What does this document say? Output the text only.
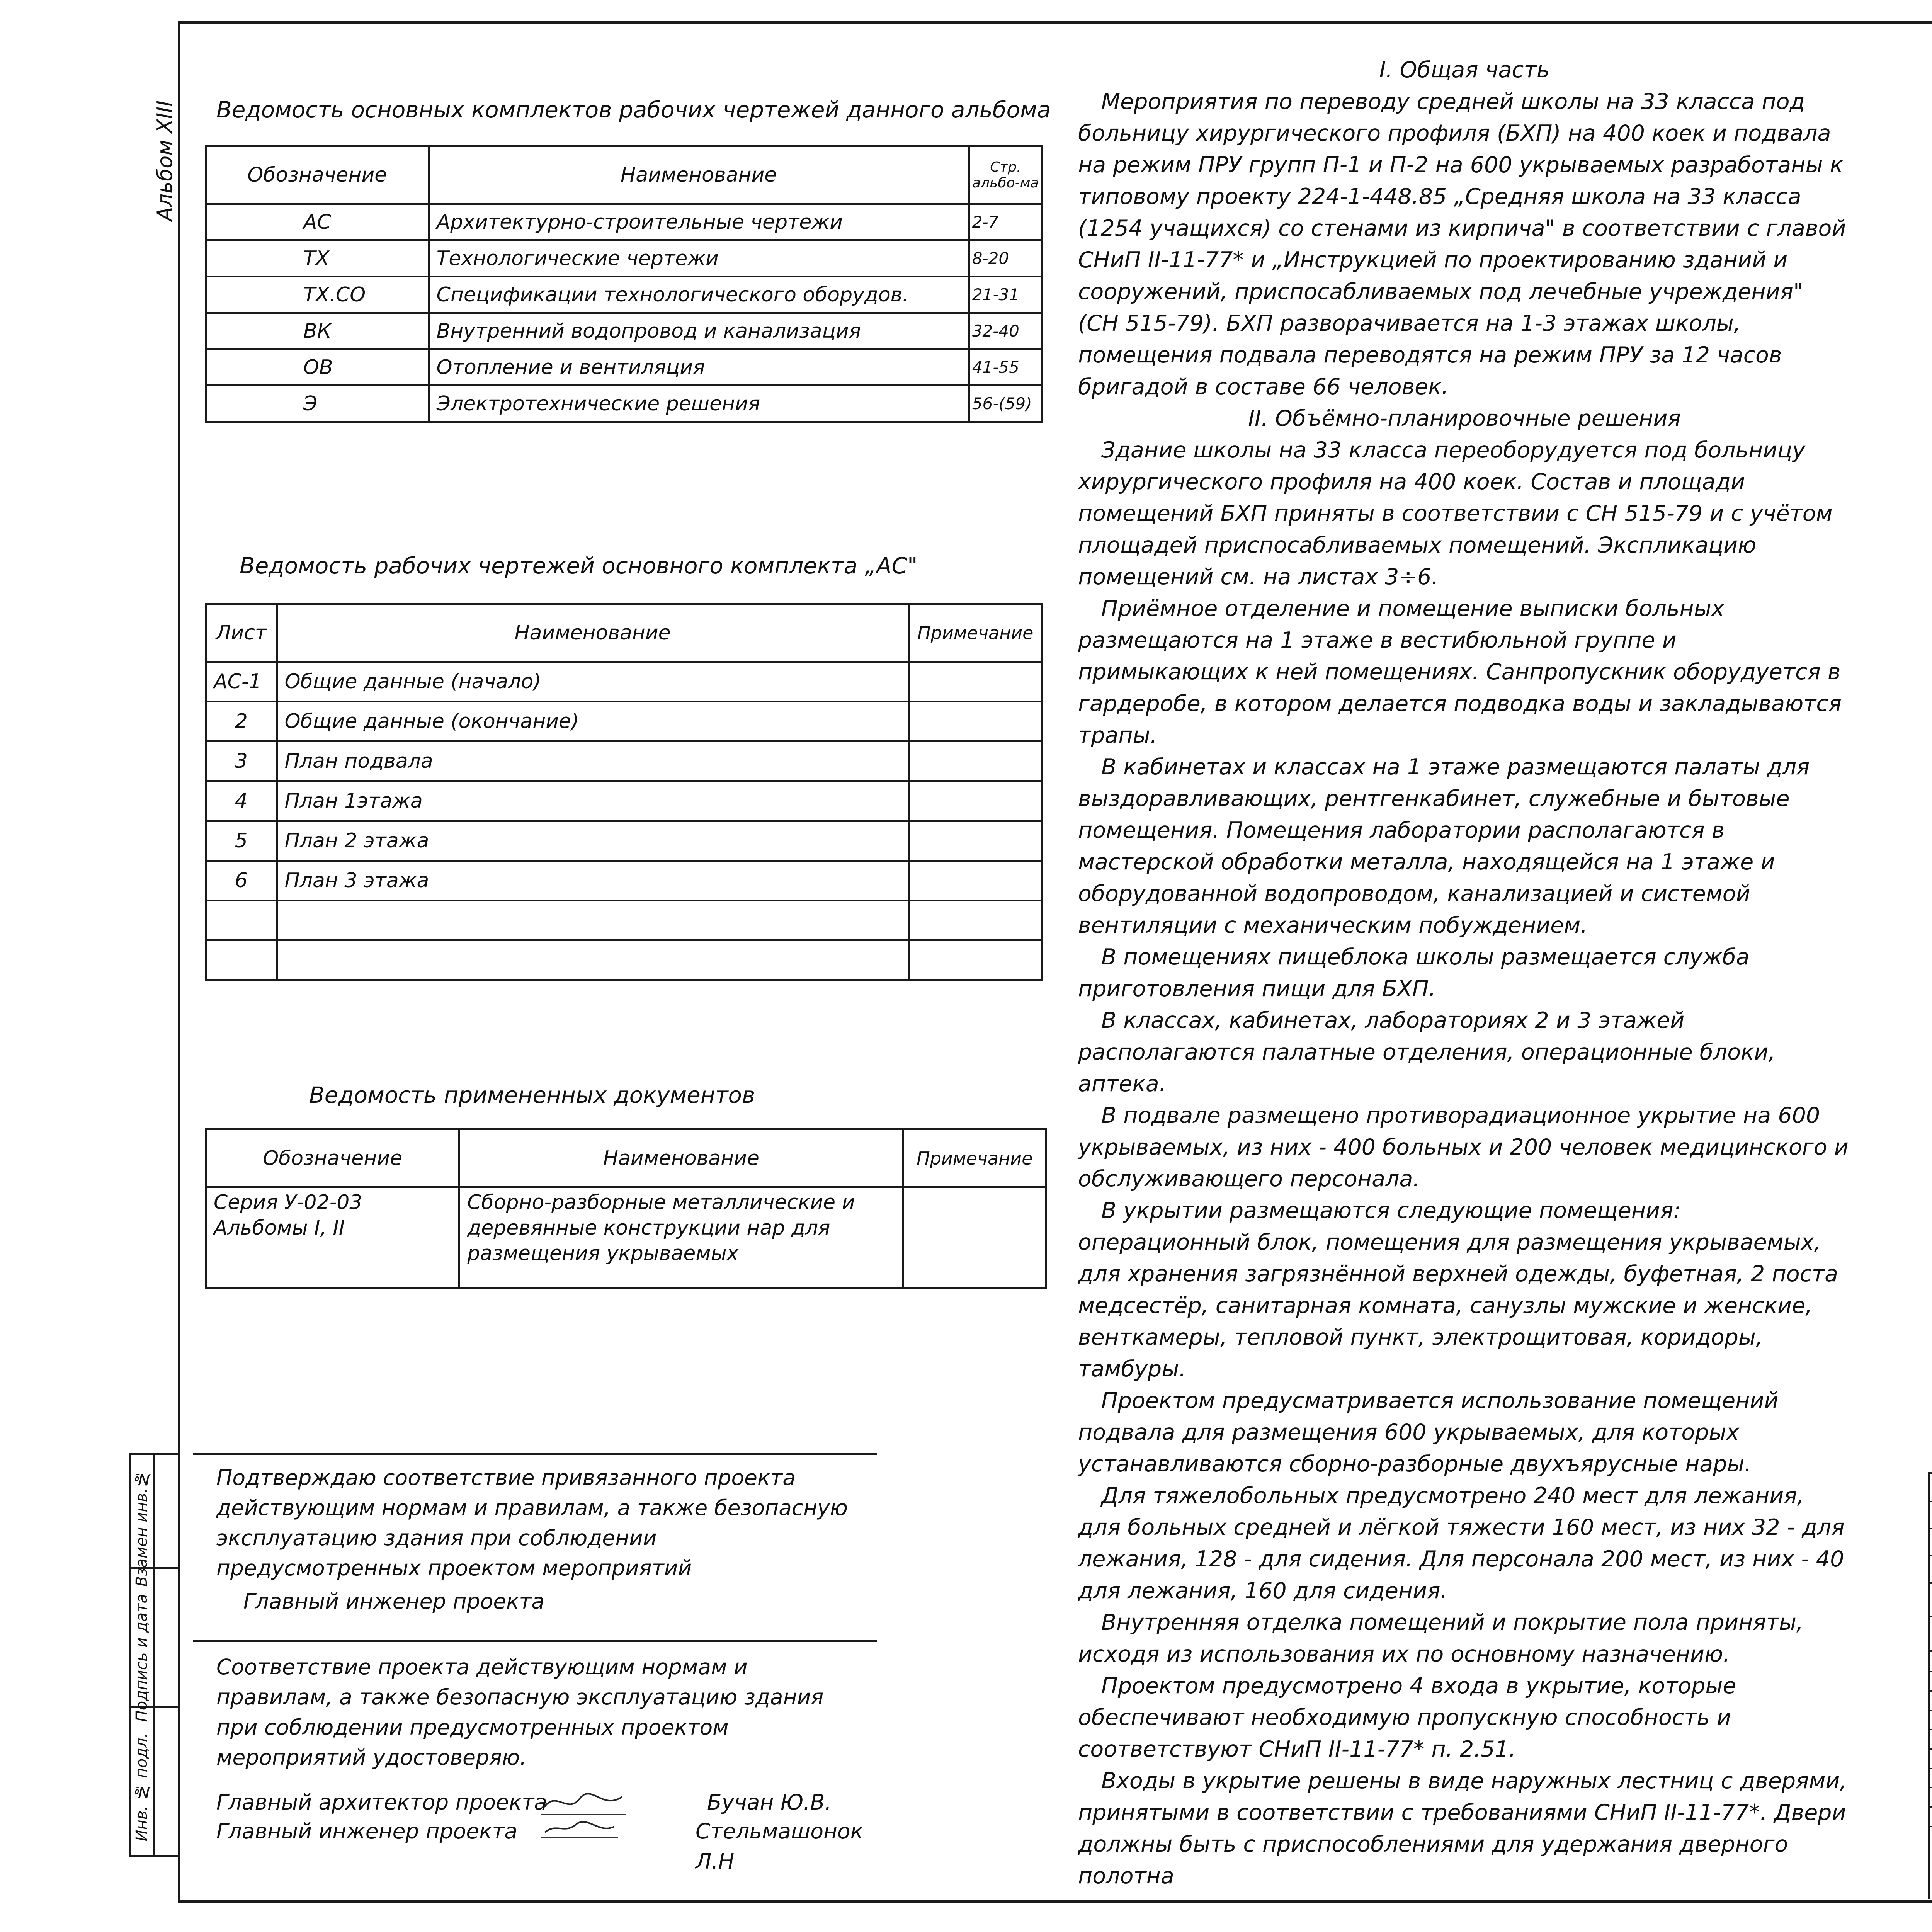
Альбом XIII
Взамен инв.№
Подпись и дата
Инв. № подл.
Ведомость основных комплектов рабочих чертежей данного альбома
Обозначение	Наименование	Стр. альбо-ма
АС	Архитектурно-строительные чертежи	2-7
ТХ	Технологические чертежи	8-20
ТХ.СО	Спецификации технологического оборудов.	21-31
ВК	Внутренний водопровод и канализация	32-40
ОВ	Отопление и вентиляция	41-55
Э	Электротехнические решения	56-(59)
Ведомость рабочих чертежей основного комплекта „АС"
Лист	Наименование	Примечание
АС-1	Общие данные (начало)	
2	Общие данные (окончание)	
3	План подвала	
4	План 1этажа	
5	План 2 этажа	
6	План 3 этажа	

Ведомость примененных документов
Обозначение	Наименование	Примечание
Серия У-02-03
Альбомы I, II	Сборно-разборные металлические и
деревянные конструкции нар для
размещения укрываемых	
Подтверждаю соответствие привязанного проекта действующим нормам и правилам, а также безопасную эксплуатацию здания при соблюдении предусмотренных проектом мероприятий
Главный инженер проекта
Соответствие проекта действующим нормам и правилам, а также безопасную эксплуатацию здания при соблюдении предусмотренных проектом мероприятий удостоверяю.
Главный архитектор проекта	Бучан Ю.В.
Главный инженер проекта	Стельмашонок Л.Н

I. Общая часть

Мероприятия по переводу средней школы на 33 класса под больницу хирургического профиля (БХП) на 400 коек и подвала на режим ПРУ групп П-1 и П-2 на 600 укрываемых разработаны к типовому проекту 224-1-448.85 „Средняя школа на 33 класса (1254 учащихся) со стенами из кирпича" в соответствии с главой СНиП II-11-77* и „Инструкцией по проектированию зданий и сооружений, приспосабливаемых под лечебные учреждения" (СН 515-79). БХП разворачивается на 1-3 этажах школы, помещения подвала переводятся на режим ПРУ за 12 часов бригадой в составе 66 человек.

II. Объёмно-планировочные решения

Здание школы на 33 класса переоборудуется под больницу хирургического профиля на 400 коек. Состав и площади помещений БХП приняты в соответствии с СН 515-79 и с учётом площадей приспосабливаемых помещений. Экспликацию помещений см. на листах 3÷6.

Приёмное отделение и помещение выписки больных размещаются на 1 этаже в вестибюльной группе и примыкающих к ней помещениях. Санпропускник оборудуется в гардеробе, в котором делается подводка воды и закладываются трапы.

В кабинетах и классах на 1 этаже размещаются палаты для выздоравливающих, рентгенкабинет, служебные и бытовые помещения. Помещения лаборатории располагаются в мастерской обработки металла, находящейся на 1 этаже и оборудованной водопроводом, канализацией и системой вентиляции с механическим побуждением.

В помещениях пищеблока школы размещается служба приготовления пищи для БХП.

В классах, кабинетах, лабораториях 2 и 3 этажей располагаются палатные отделения, операционные блоки, аптека.

В подвале размещено противорадиационное укрытие на 600 укрываемых, из них - 400 больных и 200 человек медицинского и обслуживающего персонала.

В укрытии размещаются следующие помещения: операционный блок, помещения для размещения укрываемых, для хранения загрязнённой верхней одежды, буфетная, 2 поста медсестёр, санитарная комната, санузлы мужские и женские, венткамеры, тепловой пункт, электрощитовая, коридоры, тамбуры.

Проектом предусматривается использование помещений подвала для размещения 600 укрываемых, для которых устанавливаются сборно-разборные двухъярусные нары.

Для тяжелобольных предусмотрено 240 мест для лежания, для больных средней и лёгкой тяжести 160 мест, из них 32 - для лежания, 128 - для сидения. Для персонала 200 мест, из них - 40 для лежания, 160 для сидения.

Внутренняя отделка помещений и покрытие пола приняты, исходя из использования их по основному назначению.

Проектом предусмотрено 4 входа в укрытие, которые обеспечивают необходимую пропускную способность и соответствуют СНиП II-11-77* п. 2.51.

Входы в укрытие решены в виде наружных лестниц с дверями, принятыми в соответствии с требованиями СНиП II-11-77*. Двери должны быть с приспособлениями для удержания дверного полотна
